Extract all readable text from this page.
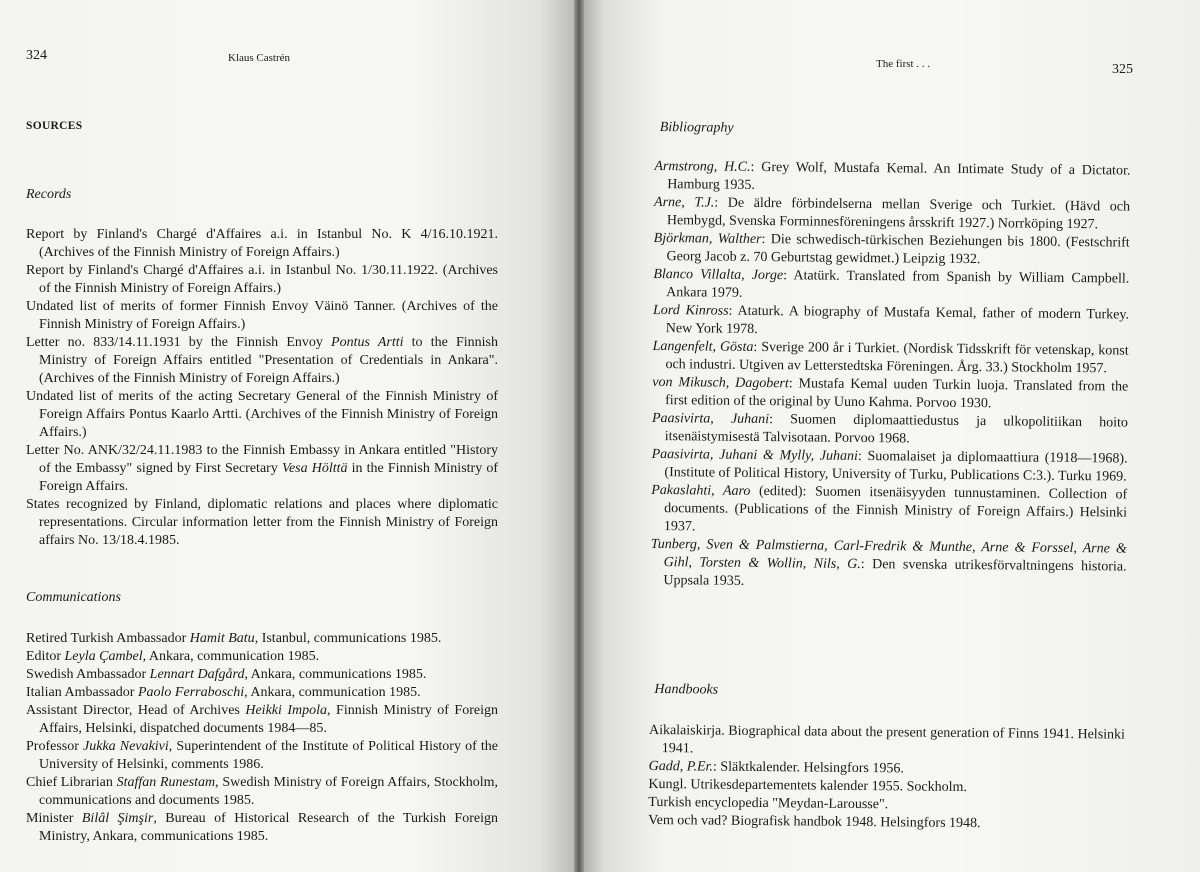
324	Klaus Castrén
SOURCES
Records
Report by Finland's Chargé d'Affaires a.i. in Istanbul No. K 4/16.10.1921. (Archives of the Finnish Ministry of Foreign Affairs.)
Report by Finland's Chargé d'Affaires a.i. in Istanbul No. 1/30.11.1922. (Archives of the Finnish Ministry of Foreign Affairs.)
Undated list of merits of former Finnish Envoy Väinö Tanner. (Archives of the Finnish Ministry of Foreign Affairs.)
Letter no. 833/14.11.1931 by the Finnish Envoy Pontus Artti to the Finnish Ministry of Foreign Affairs entitled "Presentation of Credentials in Ankara". (Archives of the Finnish Ministry of Foreign Affairs.)
Undated list of merits of the acting Secretary General of the Finnish Ministry of Foreign Affairs Pontus Kaarlo Artti. (Archives of the Finnish Ministry of Foreign Affairs.)
Letter No. ANK/32/24.11.1983 to the Finnish Embassy in Ankara entitled "History of the Embassy" signed by First Secretary Vesa Hölttä in the Finnish Ministry of Foreign Affairs.
States recognized by Finland, diplomatic relations and places where diplomatic representations. Circular information letter from the Finnish Ministry of Foreign affairs No. 13/18.4.1985.
Communications
Retired Turkish Ambassador Hamit Batu, Istanbul, communications 1985.
Editor Leyla Çambel, Ankara, communication 1985.
Swedish Ambassador Lennart Dafgård, Ankara, communications 1985.
Italian Ambassador Paolo Ferraboschi, Ankara, communication 1985.
Assistant Director, Head of Archives Heikki Impola, Finnish Ministry of Foreign Affairs, Helsinki, dispatched documents 1984—85.
Professor Jukka Nevakivi, Superintendent of the Institute of Political History of the University of Helsinki, comments 1986.
Chief Librarian Staffan Runestam, Swedish Ministry of Foreign Affairs, Stockholm, communications and documents 1985.
Minister Bilâl Şimşir, Bureau of Historical Research of the Turkish Foreign Ministry, Ankara, communications 1985.
The first . . .	325
Bibliography
Armstrong, H.C.: Grey Wolf, Mustafa Kemal. An Intimate Study of a Dictator. Hamburg 1935.
Arne, T.J.: De äldre förbindelserna mellan Sverige och Turkiet. (Hävd och Hembygd, Svenska Forminnesföreningens årsskrift 1927.) Norrköping 1927.
Björkman, Walther: Die schwedisch-türkischen Beziehungen bis 1800. (Festschrift Georg Jacob z. 70 Geburtstag gewidmet.) Leipzig 1932.
Blanco Villalta, Jorge: Atatürk. Translated from Spanish by William Campbell. Ankara 1979.
Lord Kinross: Ataturk. A biography of Mustafa Kemal, father of modern Turkey. New York 1978.
Langenfelt, Gösta: Sverige 200 år i Turkiet. (Nordisk Tidsskrift för vetenskap, konst och industri. Utgiven av Letterstedtska Föreningen. Årg. 33.) Stockholm 1957.
von Mikusch, Dagobert: Mustafa Kemal uuden Turkin luoja. Translated from the first edition of the original by Uuno Kahma. Porvoo 1930.
Paasivirta, Juhani: Suomen diplomaattiedustus ja ulkopolitiikan hoito itsenäistymisestä Talvisotaan. Porvoo 1968.
Paasivirta, Juhani & Mylly, Juhani: Suomalaiset ja diplomaattiura (1918—1968). (Institute of Political History, University of Turku, Publications C:3.). Turku 1969.
Pakaslahti, Aaro (edited): Suomen itsenäisyyden tunnustaminen. Collection of documents. (Publications of the Finnish Ministry of Foreign Affairs.) Helsinki 1937.
Tunberg, Sven & Palmstierna, Carl-Fredrik & Munthe, Arne & Forssel, Arne & Gihl, Torsten & Wollin, Nils, G.: Den svenska utrikesförvaltningens historia. Uppsala 1935.
Handbooks
Aikalaiskirja. Biographical data about the present generation of Finns 1941. Helsinki 1941.
Gadd, P.Er.: Släktkalender. Helsingfors 1956.
Kungl. Utrikesdepartementets kalender 1955. Sockholm.
Turkish encyclopedia "Meydan-Larousse".
Vem och vad? Biografisk handbok 1948. Helsingfors 1948.
